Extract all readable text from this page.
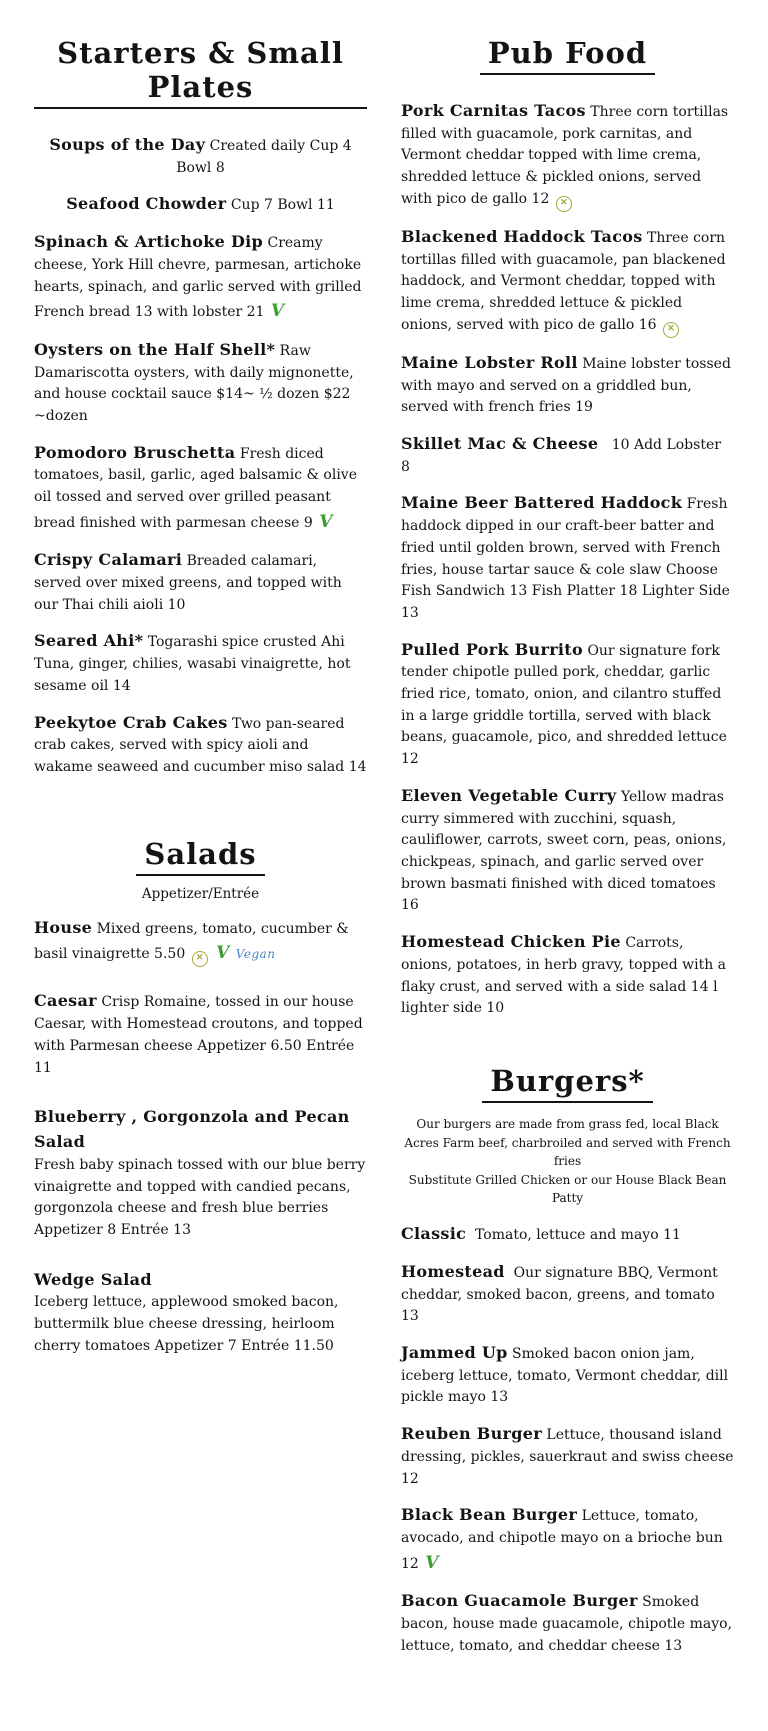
Starters & Small Plates

Soups of the Day Created daily Cup 4 Bowl 8

Seafood Chowder Cup 7 Bowl 11

Spinach & Artichoke Dip Creamy cheese, York Hill chevre, parmesan, artichoke hearts, spinach, and garlic served with grilled French bread 13 with lobster 21 V

Oysters on the Half Shell* Raw Damariscotta oysters, with daily mignonette, and house cocktail sauce $14~ ½ dozen $22 ~dozen

Pomodoro Bruschetta Fresh diced tomatoes, basil, garlic, aged balsamic & olive oil tossed and served over grilled peasant bread finished with parmesan cheese 9 V

Crispy Calamari Breaded calamari, served over mixed greens, and topped with our Thai chili aioli 10

Seared Ahi* Togarashi spice crusted Ahi Tuna, ginger, chilies, wasabi vinaigrette, hot sesame oil 14

Peekytoe Crab Cakes Two pan-seared crab cakes, served with spicy aioli and wakame seaweed and cucumber miso salad 14

Salads

Appetizer/Entrée

House Mixed greens, tomato, cucumber & basil vinaigrette 5.50 ✕ V Vegan

Caesar Crisp Romaine, tossed in our house Caesar, with Homestead croutons, and topped with Parmesan cheese Appetizer 6.50 Entrée 11

Blueberry , Gorgonzola and Pecan Salad
Fresh baby spinach tossed with our blue berry vinaigrette and topped with candied pecans, gorgonzola cheese and fresh blue berries Appetizer 8 Entrée 13

Wedge Salad
Iceberg lettuce, applewood smoked bacon, buttermilk blue cheese dressing, heirloom cherry tomatoes Appetizer 7 Entrée 11.50

Pub Food

Pork Carnitas Tacos Three corn tortillas filled with guacamole, pork carnitas, and Vermont cheddar topped with lime crema, shredded lettuce & pickled onions, served with pico de gallo 12 ✕

Blackened Haddock Tacos Three corn tortillas filled with guacamole, pan blackened haddock, and Vermont cheddar, topped with lime crema, shredded lettuce & pickled onions, served with pico de gallo 16 ✕

Maine Lobster Roll Maine lobster tossed with mayo and served on a griddled bun, served with french fries 19

Skillet Mac & Cheese 10 Add Lobster 8

Maine Beer Battered Haddock Fresh haddock dipped in our craft-beer batter and fried until golden brown, served with French fries, house tartar sauce & cole slaw Choose Fish Sandwich 13 Fish Platter 18 Lighter Side 13

Pulled Pork Burrito Our signature fork tender chipotle pulled pork, cheddar, garlic fried rice, tomato, onion, and cilantro stuffed in a large griddle tortilla, served with black beans, guacamole, pico, and shredded lettuce 12

Eleven Vegetable Curry Yellow madras curry simmered with zucchini, squash, cauliflower, carrots, sweet corn, peas, onions, chickpeas, spinach, and garlic served over brown basmati finished with diced tomatoes 16

Homestead Chicken Pie Carrots, onions, potatoes, in herb gravy, topped with a flaky crust, and served with a side salad 14 l lighter side 10

Burgers*

Our burgers are made from grass fed, local Black Acres Farm beef, charbroiled and served with French fries
Substitute Grilled Chicken or our House Black Bean Patty

Classic Tomato, lettuce and mayo 11

Homestead Our signature BBQ, Vermont cheddar, smoked bacon, greens, and tomato 13

Jammed Up Smoked bacon onion jam, iceberg lettuce, tomato, Vermont cheddar, dill pickle mayo 13

Reuben Burger Lettuce, thousand island dressing, pickles, sauerkraut and swiss cheese 12

Black Bean Burger Lettuce, tomato, avocado, and chipotle mayo on a brioche bun 12 V

Bacon Guacamole Burger Smoked bacon, house made guacamole, chipotle mayo, lettuce, tomato, and cheddar cheese 13
